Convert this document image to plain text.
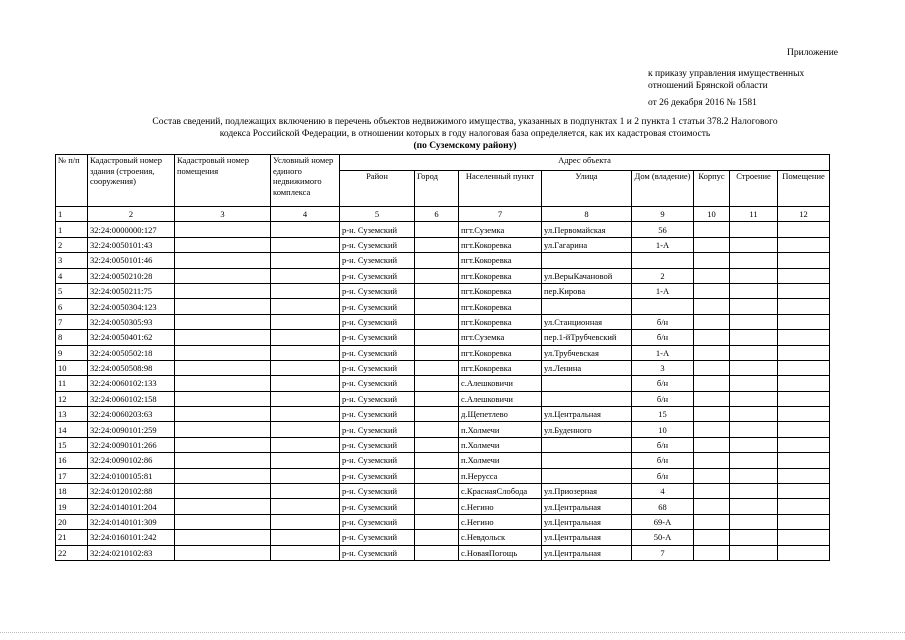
Приложение
к приказу управления имущественных
отношений Брянской области
от 26 декабря 2016 № 1581
Состав сведений, подлежащих включению в перечень объектов недвижимого имущества, указанных в подпунктах 1 и 2 пункта 1 статьи 378.2 Налогового
кодекса Российской Федерации, в отношении которых в году налоговая база определяется, как их кадастровая стоимость
(по Суземскому району)
№ п/п	Кадастровый номер здания (строения, сооружения)	Кадастровый номер помещения	Условный номер единого недвижимого комплекса	Адрес объекта							
				Район	Город	Населенный пункт	Улица	Дом (владение)	Корпус	Строение	Помещение
1	2	3	4	5	6	7	8	9	10	11	12
1	32:24:0000000:127			р-н. Суземский		пгт.Суземка	ул.Первомайская	56			
2	32:24:0050101:43			р-н. Суземский		пгт.Кокоревка	ул.Гагарина	1-А			
3	32:24:0050101:46			р-н. Суземский		пгт.Кокоревка					
4	32:24:0050210:28			р-н. Суземский		пгт.Кокоревка	ул.ВерыКачановой	2			
5	32:24:0050211:75			р-н. Суземский		пгт.Кокоревка	пер.Кирова	1-А			
6	32:24:0050304:123			р-н. Суземский		пгт.Кокоревка					
7	32:24:0050305:93			р-н. Суземский		пгт.Кокоревка	ул.Станционная	б/н			
8	32:24:0050401:62			р-н. Суземский		пгт.Суземка	пер.1-йТрубчевский	б/н			
9	32:24:0050502:18			р-н. Суземский		пгт.Кокоревка	ул.Трубчевская	1-А			
10	32:24:0050508:98			р-н. Суземский		пгт.Кокоревка	ул.Ленина	3			
11	32:24:0060102:133			р-н. Суземский		с.Алешковичи		б/н			
12	32:24:0060102:158			р-н. Суземский		с.Алешковичи		б/н			
13	32:24:0060203:63			р-н. Суземский		д.Щепетлево	ул.Центральная	15			
14	32:24:0090101:259			р-н. Суземский		п.Холмечи	ул.Буденного	10			
15	32:24:0090101:266			р-н. Суземский		п.Холмечи		б/н			
16	32:24:0090102:86			р-н. Суземский		п.Холмечи		б/н			
17	32:24:0100105:81			р-н. Суземский		п.Нерусса		б/н			
18	32:24:0120102:88			р-н. Суземский		с.КраснаяСлобода	ул.Приозерная	4			
19	32:24:0140101:204			р-н. Суземский		с.Негино	ул.Центральная	68			
20	32:24:0140101:309			р-н. Суземский		с.Негино	ул.Центральная	69-А			
21	32:24:0160101:242			р-н. Суземский		с.Невдольск	ул.Центральная	50-А			
22	32:24:0210102:83			р-н. Суземский		с.НоваяПогощь	ул.Центральная	7			
